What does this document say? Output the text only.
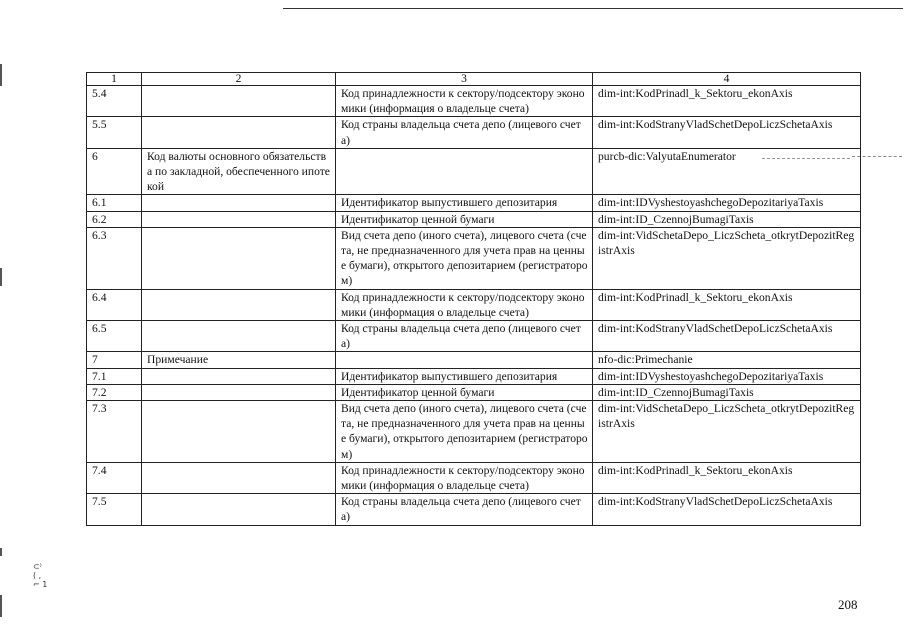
⊂⁾
( ,
⌐ 1
1	2	3	4
5.4		Код принадлежности к сектору/подсектору экономики (информация о владельце счета)	dim-int:KodPrinadl_k_Sektoru_ekonAxis
5.5		Код страны владельца счета депо (лицевого счета)	dim-int:KodStranyVladSchetDepoLiczSchetaAxis
6	Код валюты основного обязательства по закладной, обеспеченного ипотекой		purcb-dic:ValyutaEnumerator
6.1		Идентификатор выпустившего депозитария	dim-int:IDVyshestoyashchegoDepozitariyaTaxis
6.2		Идентификатор ценной бумаги	dim-int:ID_CzennojBumagiTaxis
6.3		Вид счета депо (иного счета), лицевого счета (счета, не предназначенного для учета прав на ценные бумаги), открытого депозитарием (регистратором)	dim-int:VidSchetaDepo_LiczScheta_otkrytDepozitRegistrAxis
6.4		Код принадлежности к сектору/подсектору экономики (информация о владельце счета)	dim-int:KodPrinadl_k_Sektoru_ekonAxis
6.5		Код страны владельца счета депо (лицевого счета)	dim-int:KodStranyVladSchetDepoLiczSchetaAxis
7	Примечание		nfo-dic:Primechanie
7.1		Идентификатор выпустившего депозитария	dim-int:IDVyshestoyashchegoDepozitariyaTaxis
7.2		Идентификатор ценной бумаги	dim-int:ID_CzennojBumagiTaxis
7.3		Вид счета депо (иного счета), лицевого счета (счета, не предназначенного для учета прав на ценные бумаги), открытого депозитарием (регистратором)	dim-int:VidSchetaDepo_LiczScheta_otkrytDepozitRegistrAxis
7.4		Код принадлежности к сектору/подсектору экономики (информация о владельце счета)	dim-int:KodPrinadl_k_Sektoru_ekonAxis
7.5		Код страны владельца счета депо (лицевого счета)	dim-int:KodStranyVladSchetDepoLiczSchetaAxis
208
